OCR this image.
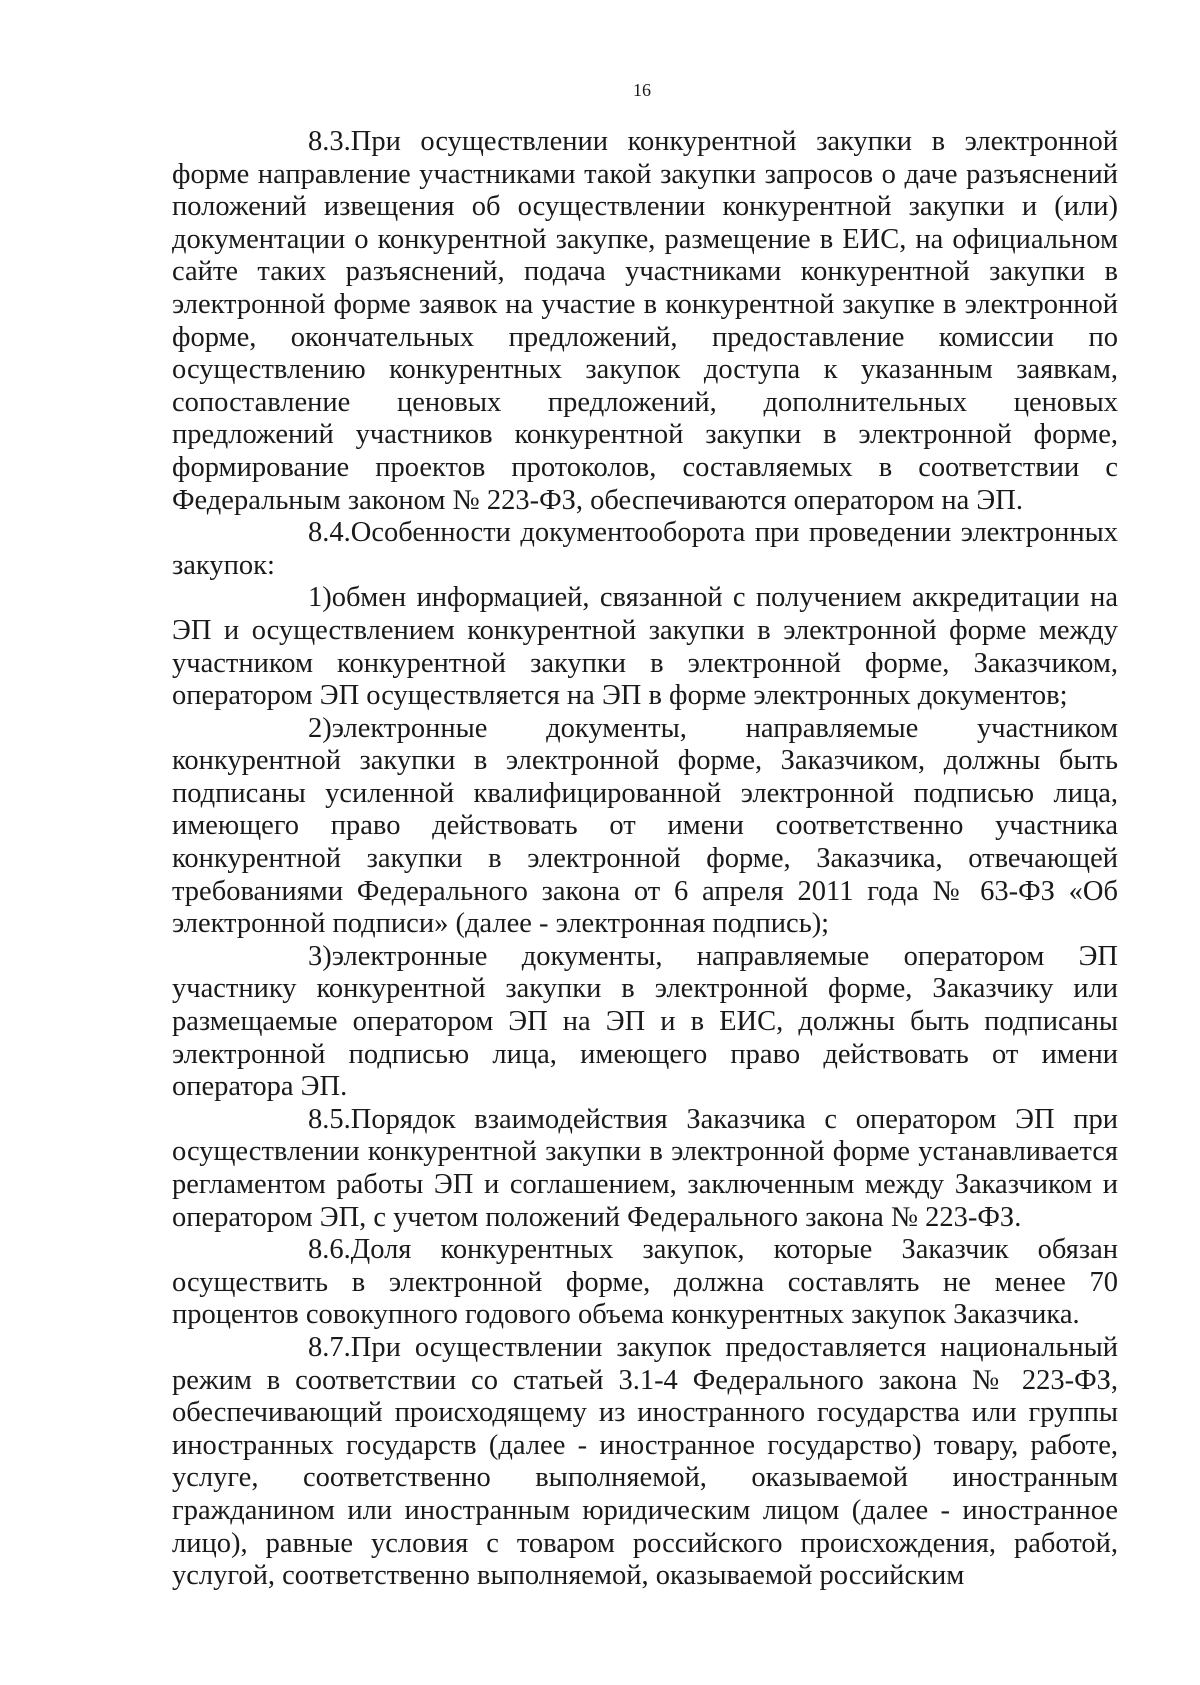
16

8.3.При осуществлении конкурентной закупки в электронной форме направление участниками такой закупки запросов о даче разъяснений положений извещения об осуществлении конкурентной закупки и (или) документации о конкурентной закупке, размещение в ЕИС, на официальном сайте таких разъяснений, подача участниками конкурентной закупки в электронной форме заявок на участие в конкурентной закупке в электронной форме, окончательных предложений, предоставление комиссии по осуществлению конкурентных закупок доступа к указанным заявкам, сопоставление ценовых предложений, дополнительных ценовых предложений участников конкурентной закупки в электронной форме, формирование проектов протоколов, составляемых в соответствии с Федеральным законом № 223-ФЗ, обеспечиваются оператором на ЭП.

8.4.Особенности документооборота при проведении электронных закупок:

1)обмен информацией, связанной с получением аккредитации на ЭП и осуществлением конкурентной закупки в электронной форме между участником конкурентной закупки в электронной форме, Заказчиком, оператором ЭП осуществляется на ЭП в форме электронных документов;

2)электронные документы, направляемые участником конкурентной закупки в электронной форме, Заказчиком, должны быть подписаны усиленной квалифицированной электронной подписью лица, имеющего право действовать от имени соответственно участника конкурентной закупки в электронной форме, Заказчика, отвечающей требованиями Федерального закона от 6 апреля 2011 года № 63-ФЗ «Об электронной подписи» (далее - электронная подпись);

3)электронные документы, направляемые оператором ЭП участнику конкурентной закупки в электронной форме, Заказчику или размещаемые оператором ЭП на ЭП и в ЕИС, должны быть подписаны электронной подписью лица, имеющего право действовать от имени оператора ЭП.

8.5.Порядок взаимодействия Заказчика с оператором ЭП при осуществлении конкурентной закупки в электронной форме устанавливается регламентом работы ЭП и соглашением, заключенным между Заказчиком и оператором ЭП, с учетом положений Федерального закона № 223-ФЗ.

8.6.Доля конкурентных закупок, которые Заказчик обязан осуществить в электронной форме, должна составлять не менее 70 процентов совокупного годового объема конкурентных закупок Заказчика.

8.7.При осуществлении закупок предоставляется национальный режим в соответствии со статьей 3.1-4 Федерального закона № 223-ФЗ, обеспечивающий происходящему из иностранного государства или группы иностранных государств (далее - иностранное государство) товару, работе, услуге, соответственно выполняемой, оказываемой иностранным гражданином или иностранным юридическим лицом (далее - иностранное лицо), равные условия с товаром российского происхождения, работой, услугой, соответственно выполняемой, оказываемой российским
